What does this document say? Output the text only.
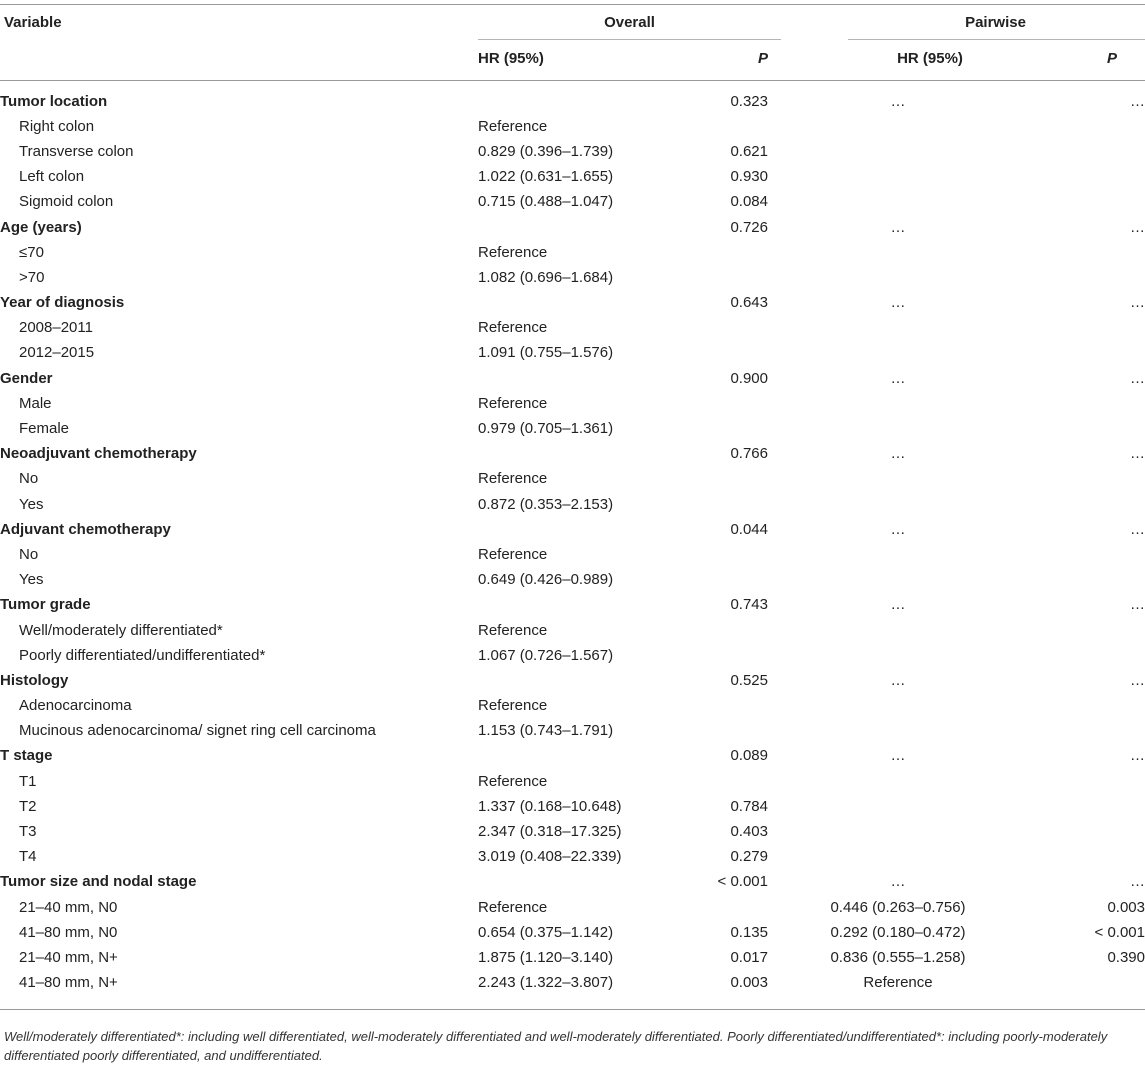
Variable	Overall	Pairwise
HR (95%)	P	HR (95%)	P
Tumor location		0.323	…	…
Right colon	Reference			
Transverse colon	0.829 (0.396–1.739)	0.621		
Left colon	1.022 (0.631–1.655)	0.930		
Sigmoid colon	0.715 (0.488–1.047)	0.084		
Age (years)		0.726	…	…
≤70	Reference			
>70	1.082 (0.696–1.684)			
Year of diagnosis		0.643	…	…
2008–2011	Reference			
2012–2015	1.091 (0.755–1.576)			
Gender		0.900	…	…
Male	Reference			
Female	0.979 (0.705–1.361)			
Neoadjuvant chemotherapy		0.766	…	…
No	Reference			
Yes	0.872 (0.353–2.153)			
Adjuvant chemotherapy		0.044	…	…
No	Reference			
Yes	0.649 (0.426–0.989)			
Tumor grade		0.743	…	…
Well/moderately differentiated*	Reference			
Poorly differentiated/undifferentiated*	1.067 (0.726–1.567)			
Histology		0.525	…	…
Adenocarcinoma	Reference			
Mucinous adenocarcinoma/ signet ring cell carcinoma	1.153 (0.743–1.791)			
T stage		0.089	…	…
T1	Reference			
T2	1.337 (0.168–10.648)	0.784		
T3	2.347 (0.318–17.325)	0.403		
T4	3.019 (0.408–22.339)	0.279		
Tumor size and nodal stage		< 0.001	…	…
21–40 mm, N0	Reference		0.446 (0.263–0.756)	0.003
41–80 mm, N0	0.654 (0.375–1.142)	0.135	0.292 (0.180–0.472)	< 0.001
21–40 mm, N+	1.875 (1.120–3.140)	0.017	0.836 (0.555–1.258)	0.390
41–80 mm, N+	2.243 (1.322–3.807)	0.003	Reference	
Well/moderately differentiated*: including well differentiated, well-moderately differentiated and well-moderately differentiated. Poorly differentiated/undifferentiated*: including poorly-moderately differentiated poorly differentiated, and undifferentiated.
